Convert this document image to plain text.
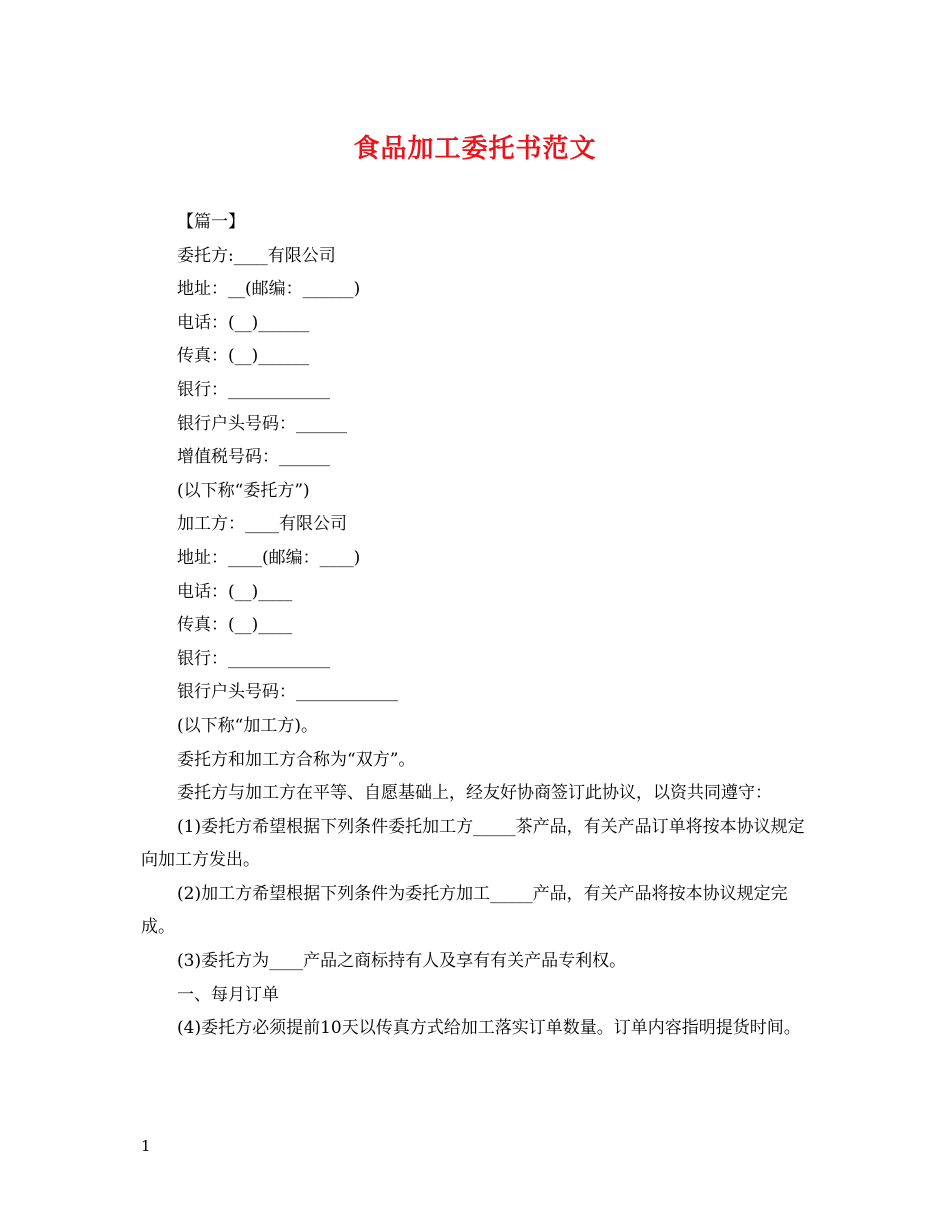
食品加工委托书范文

【篇一】

委托方:____有限公司

地址：__(邮编：______)

电话：(__)______

传真：(__)______

银行：____________

银行户头号码：______

增值税号码：______

(以下称“委托方”)

加工方：____有限公司

地址：____(邮编：____)

电话：(__)____

传真：(__)____

银行：____________

银行户头号码：____________

(以下称“加工方)。

委托方和加工方合称为“双方”。

委托方与加工方在平等、自愿基础上，经友好协商签订此协议，以资共同遵守：

(1)委托方希望根据下列条件委托加工方_____茶产品，有关产品订单将按本协议规定向加工方发出。

(2)加工方希望根据下列条件为委托方加工_____产品，有关产品将按本协议规定完成。

(3)委托方为____产品之商标持有人及享有有关产品专利权。

一、每月订单

(4)委托方必须提前10天以传真方式给加工落实订单数量。订单内容指明提货时间。

1
